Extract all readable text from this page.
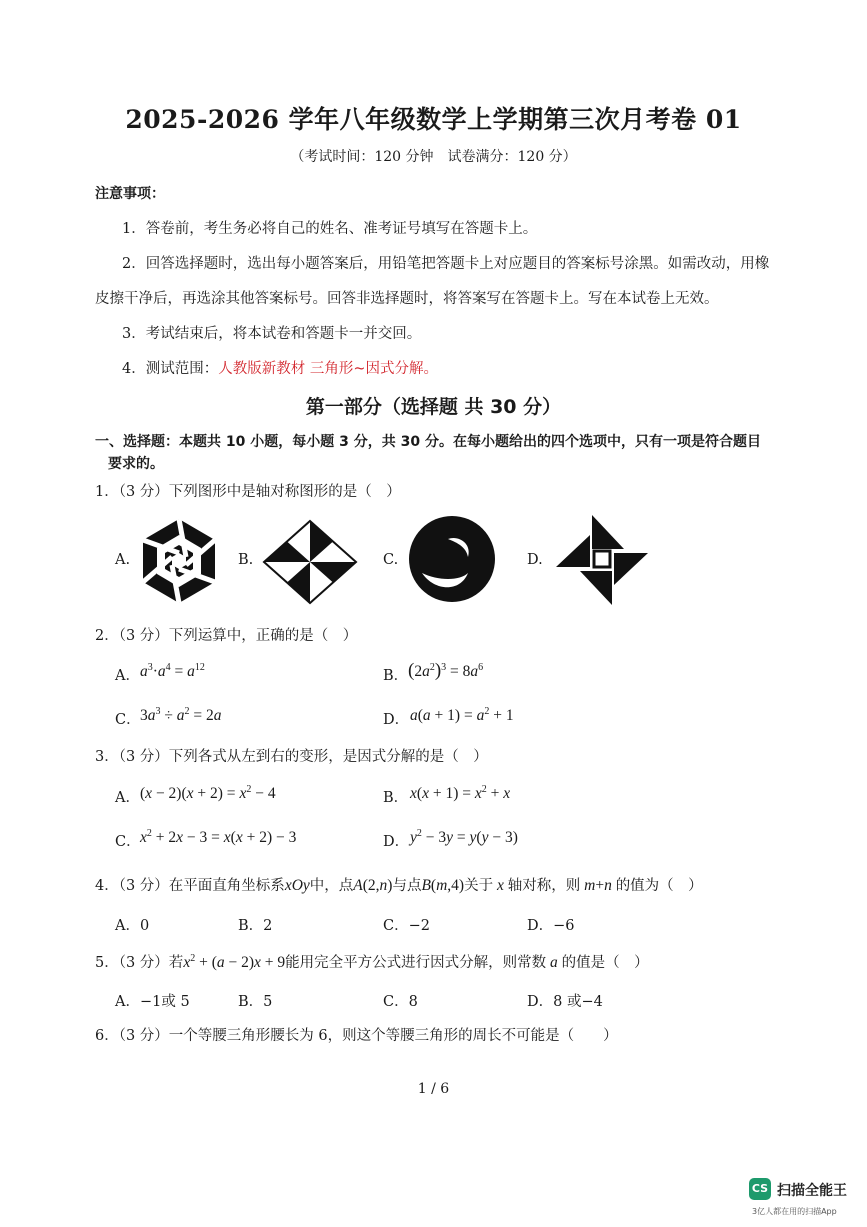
2025-2026 学年八年级数学上学期第三次月考卷 01
（考试时间：120 分钟　试卷满分：120 分）
注意事项：
1．答卷前，考生务必将自己的姓名、准考证号填写在答题卡上。
2．回答选择题时，选出每小题答案后，用铅笔把答题卡上对应题目的答案标号涂黑。如需改动，用橡
皮擦干净后，再选涂其他答案标号。回答非选择题时，将答案写在答题卡上。写在本试卷上无效。
3．考试结束后，将本试卷和答题卡一并交回。
4．测试范围：人教版新教材 三角形~因式分解。
第一部分（选择题 共 30 分）
一、选择题：本题共 10 小题，每小题 3 分，共 30 分。在每小题给出的四个选项中，只有一项是符合题目
要求的。
1．（3 分）下列图形中是轴对称图形的是（　）
A.	B.	C.	D.
2．（3 分）下列运算中，正确的是（　）
A． $a^3\cdot a^4 = a^{12}$
B． $(2a^2)^3 = 8a^6$
C． $3a^3 \div a^2 = 2a$	D． $a(a + 1) = a^2 + 1$
3．（3 分）下列各式从左到右的变形，是因式分解的是（　）
A． $(x - 2)(x + 2) = x^2 - 4$	B． $x(x + 1) = x^2 + x$
C． $x^2 + 2x - 3 = x(x + 2) - 3$	D． $y^2 - 3y = y(y - 3)$
4．（3 分）在平面直角坐标系xOy中，点A(2,n)与点B(m,4)关于 x 轴对称，则 m+n 的值为（　）
A．0	B．2	C．−2	D．−6
5．（3 分）若$x^2 + (a - 2)x + 9$能用完全平方公式进行因式分解，则常数 a 的值是（　）
A．−1或 5	B．5	C．8	D．8 或−4
6．（3 分）一个等腰三角形腰长为 6，则这个等腰三角形的周长不可能是（　　）
1 / 6
CS 扫描全能王
3亿人都在用的扫描App
